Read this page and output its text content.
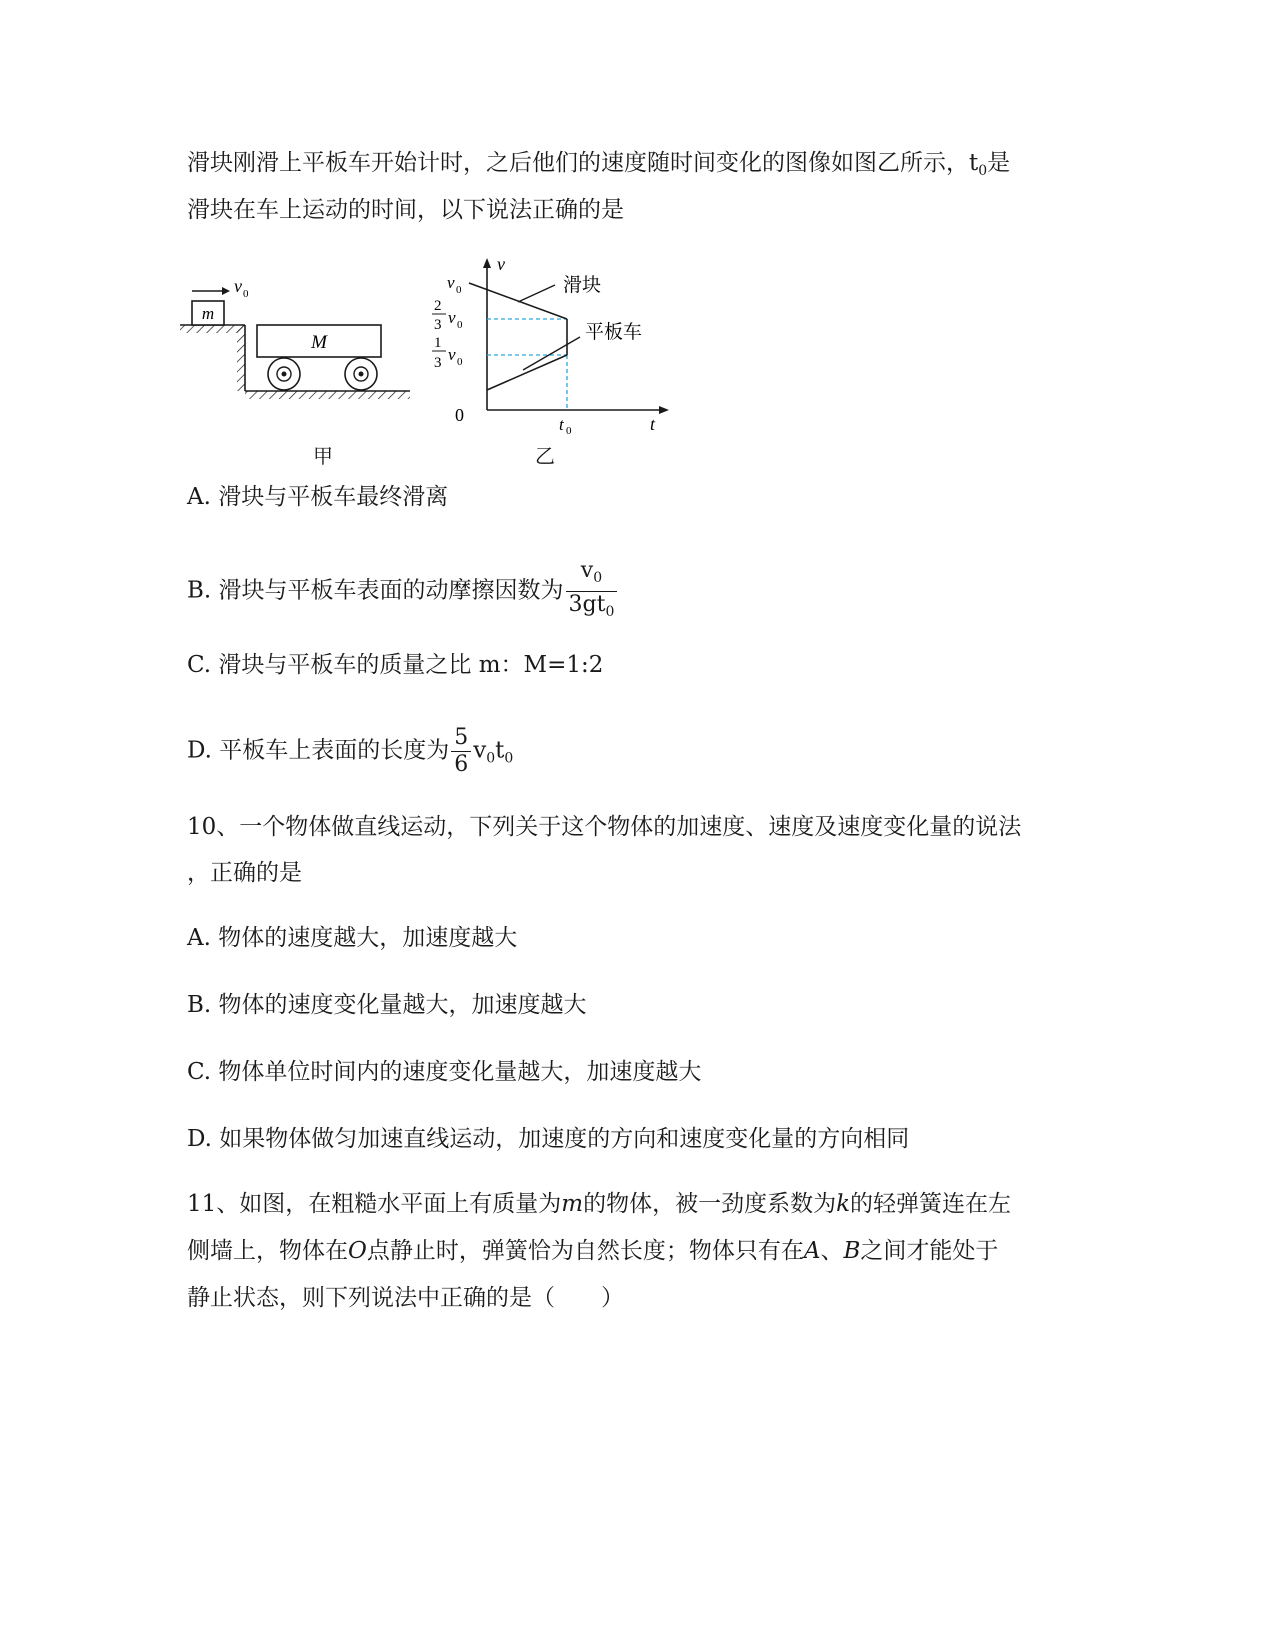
滑块刚滑上平板车开始计时，之后他们的速度随时间变化的图像如图乙所示，$t_0$是
滑块在车上运动的时间，以下说法正确的是
m
v 0
M
甲
v
t
0
v 0
2
3 v 0
1
3 v 0
t 0
滑块
平板车
乙
A. 滑块与平板车最终滑离
B. 滑块与平板车表面的动摩擦因数为 $\frac{v_0}{3gt_0}$
C. 滑块与平板车的质量之比 m：M=1:2
D. 平板车上表面的长度为 $\frac{5}{6} v_0t_0$
10、一个物体做直线运动，下列关于这个物体的加速度、速度及速度变化量的说法
，正确的是
A. 物体的速度越大，加速度越大
B. 物体的速度变化量越大，加速度越大
C. 物体单位时间内的速度变化量越大，加速度越大
D. 如果物体做匀加速直线运动，加速度的方向和速度变化量的方向相同
11、如图，在粗糙水平面上有质量为m的物体，被一劲度系数为k的轻弹簧连在左
侧墙上，物体在O点静止时，弹簧恰为自然长度；物体只有在A、B之间才能处于
静止状态，则下列说法中正确的是（　　）
